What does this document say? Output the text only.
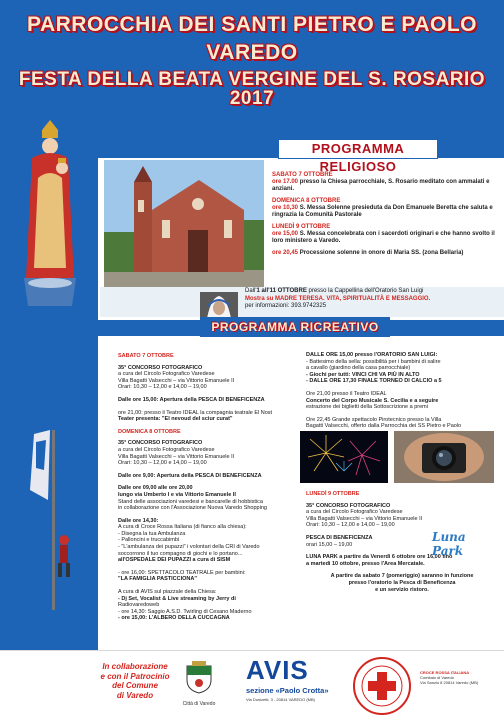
PARROCCHIA DEI SANTI PIETRO E PAOLO
VAREDO
FESTA DELLA BEATA VERGINE DEL S. ROSARIO 2017
PROGRAMMA RELIGIOSO
SABATO 7 OTTOBRE
ore 17.00 presso la Chiesa parrocchiale, S. Rosario meditato con ammalati e anziani.
DOMENICA 8 OTTOBRE
ore 10,30 S. Messa Solenne presieduta da Don Emanuele Beretta che saluta e ringrazia la Comunità Pastorale
LUNEDÌ 9 OTTOBRE
ore 15,00 S. Messa concelebrata con i sacerdoti originari e che hanno svolto il loro ministero a Varedo.
ore 20,45 Processione solenne in onore di Maria SS. (zona Bellaria)
Dall'1 all'11 OTTOBRE presso la Cappellina dell'Oratorio San Luigi
Mostra su MADRE TERESA. VITA, SPIRITUALITÀ E MESSAGGIO.
per informazioni: 393.9742325
PROGRAMMA RICREATIVO
SABATO 7 OTTOBRE
35° CONCORSO FOTOGRAFICO
a cura del Circolo Fotografico Varedese
Villa Bagatti Valsecchi – via Vittorio Emanuele II
Orari: 10,30 – 12,00 e 14,00 – 19,00
Dalle ore 15,00: Apertura della PESCA DI BENEFICENZA
ore 21,00: presso il Teatro IDEAL la compagnia teatrale El Nost
Teater presenta: "El nevoud del sciur curat"
DOMENICA 8 OTTOBRE
35° CONCORSO FOTOGRAFICO
a cura del Circolo Fotografico Varedese
Villa Bagatti Valsecchi – via Vittorio Emanuele II
Orari: 10,30 – 12,00 e 14,00 – 19,00
Dalle ore 9,00: Apertura della PESCA DI BENEFICENZA
Dalle ore 09,00 alle ore 20,00
lungo via Umberto I e via Vittorio Emanuele II
Stand delle associazioni varedesi e bancarelle di hobbistica
in collaborazione con l'Associazione Nuova Varedo Shopping
Dalle ore 14,30:
A cura di Croce Rossa Italiana (di fianco alla chiesa):
- Disegna la tua Ambulanza
- Palloncini e truccabimbi
- "L'ambulanza dei pupazzi" i volontari della CRI di Varedo
soccorrono il tuo compagno di giochi e lo portano...
all'OSPEDALE DEI PUPAZZI a cura di SISM
- ore 16,00: SPETTACOLO TEATRALE per bambini:
"LA FAMIGLIA PASTICCIONA"
A cura di AVIS sul piazzale della Chiesa:
- Dj Set, Vocalist & Live streaming by Jerry di
Radiovaredoweb
- ore 14,30: Saggio A.S.D. Twirling di Cesano Maderno
- ore 15,00: L'ALBERO DELLA CUCCAGNA
DALLE ORE 15,00 presso l'ORATORIO SAN LUIGI:
- Battesimo della sella: possibilità per i bambini di salire
a cavallo (giardino della casa parrocchiale)
- Giochi per tutti: VINCI CHI VA PIÙ IN ALTO
- DALLE ORE 17,30 FINALE TORNEO DI CALCIO a 5
Ore 21,00 presso il Teatro IDEAL
Concerto del Corpo Musicale S. Cecilia e a seguire
estrazione dei biglietti della Sottoscrizione a premi
Ore 22,45 Grande spettacolo Pirotecnico presso la Villa
Bagatti Valsecchi, offerto dalla Parrocchia dei SS Pietro e Paolo
LUNEDÌ 9 OTTOBRE
35° CONCORSO FOTOGRAFICO
a cura del Circolo Fotografico Varedese
Villa Bagatti Valsecchi – via Vittorio Emanuele II
Orari: 10,30 – 12,00 e 14,00 – 19,00
PESCA DI BENEFICENZA
orari 15,00 – 19,00
LUNA PARK a partire da Venerdì 6 ottobre ore 16,00 fino
a martedì 10 ottobre, presso l'Area Mercatale.
A partire da sabato 7 (pomeriggio) saranno in funzione
presso l'oratorio la Pesca di Beneficenza
e un servizio ristoro.
Luna Park
In collaborazione
e con il Patrocinio
del Comune
di Varedo
Città di Varedo
AVIS
sezione «Paolo Crotta»
Via Donizetti, 3 - 20814 VAREDO (MB)
CROCE ROSSA ITALIANA
Comitato di Varedo
Via Sanzio 8 20814 Varedo (MB)
